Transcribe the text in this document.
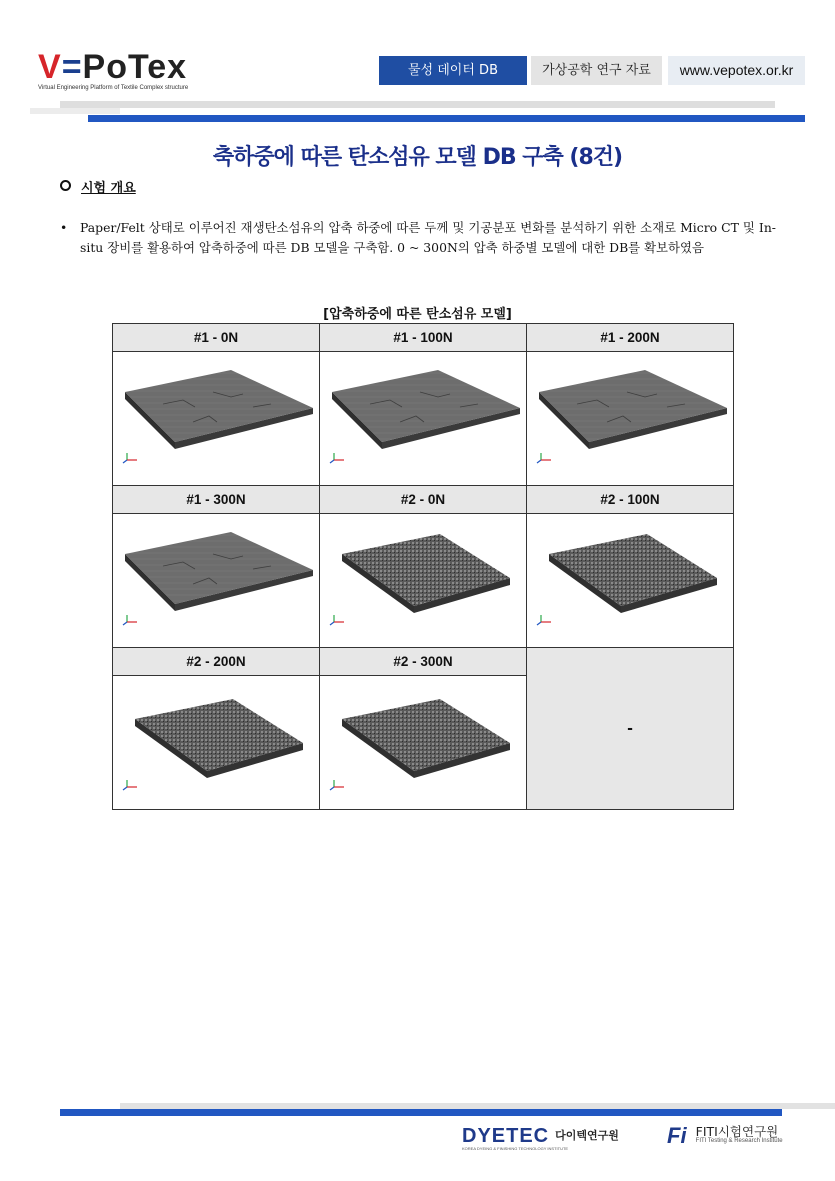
V=PoTex
Virtual Engineering Platform of Textile Complex structure
물성 데이터 DB	가상공학 연구 자료	www.vepotex.or.kr
축하중에 따른 탄소섬유 모델 DB 구축 (8건)
시험 개요
• Paper/Felt 상태로 이루어진 재생탄소섬유의 압축 하중에 따른 두께 및 기공분포 변화를 분석하기 위한 소재로 Micro CT 및 In-situ 장비를 활용하여 압축하중에 따른 DB 모델을 구축함. 0 ~ 300N의 압축 하중별 모델에 대한 DB를 확보하였음
[압축하중에 따른 탄소섬유 모델]
#1 - 0N	#1 - 100N	#1 - 200N

#1 - 300N	#2 - 0N	#2 - 100N

#2 - 200N	#2 - 300N	-

DYETEC 다이텍연구원
KOREA DYEING & FINISHING TECHNOLOGY INSTITUTE
Fi FITI시험연구원
FITI Testing & Research Institute
